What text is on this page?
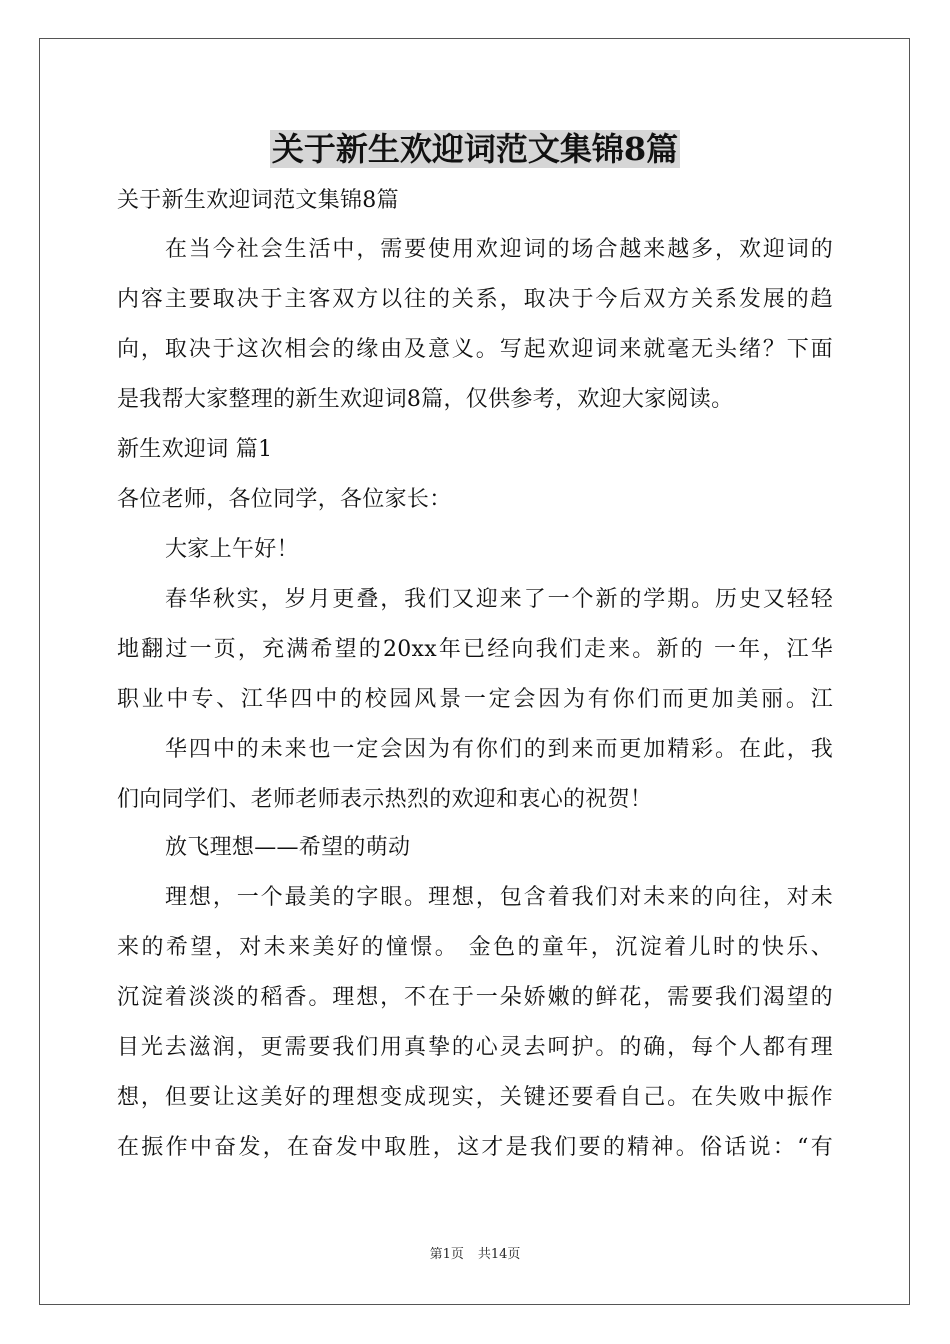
关于新生欢迎词范文集锦8篇
关于新生欢迎词范文集锦8篇
在当今社会生活中，需要使用欢迎词的场合越来越多，欢迎词的
内容主要取决于主客双方以往的关系，取决于今后双方关系发展的趋
向，取决于这次相会的缘由及意义。写起欢迎词来就毫无头绪？下面
是我帮大家整理的新生欢迎词8篇，仅供参考，欢迎大家阅读。
新生欢迎词 篇1
各位老师，各位同学，各位家长：
大家上午好！
春华秋实，岁月更叠，我们又迎来了一个新的学期。历史又轻轻
地翻过一页，充满希望的20xx年已经向我们走来。新的 一年，江华
职业中专、江华四中的校园风景一定会因为有你们而更加美丽。江
华四中的未来也一定会因为有你们的到来而更加精彩。在此，我
们向同学们、老师老师表示热烈的欢迎和衷心的祝贺！
放飞理想——希望的萌动
理想，一个最美的字眼。理想，包含着我们对未来的向往，对未
来的希望，对未来美好的憧憬。 金色的童年，沉淀着儿时的快乐、
沉淀着淡淡的稻香。理想，不在于一朵娇嫩的鲜花，需要我们渴望的
目光去滋润，更需要我们用真挚的心灵去呵护。的确，每个人都有理
想，但要让这美好的理想变成现实，关键还要看自己。在失败中振作
在振作中奋发，在奋发中取胜，这才是我们要的精神。俗话说：“有
第1页 共14页
